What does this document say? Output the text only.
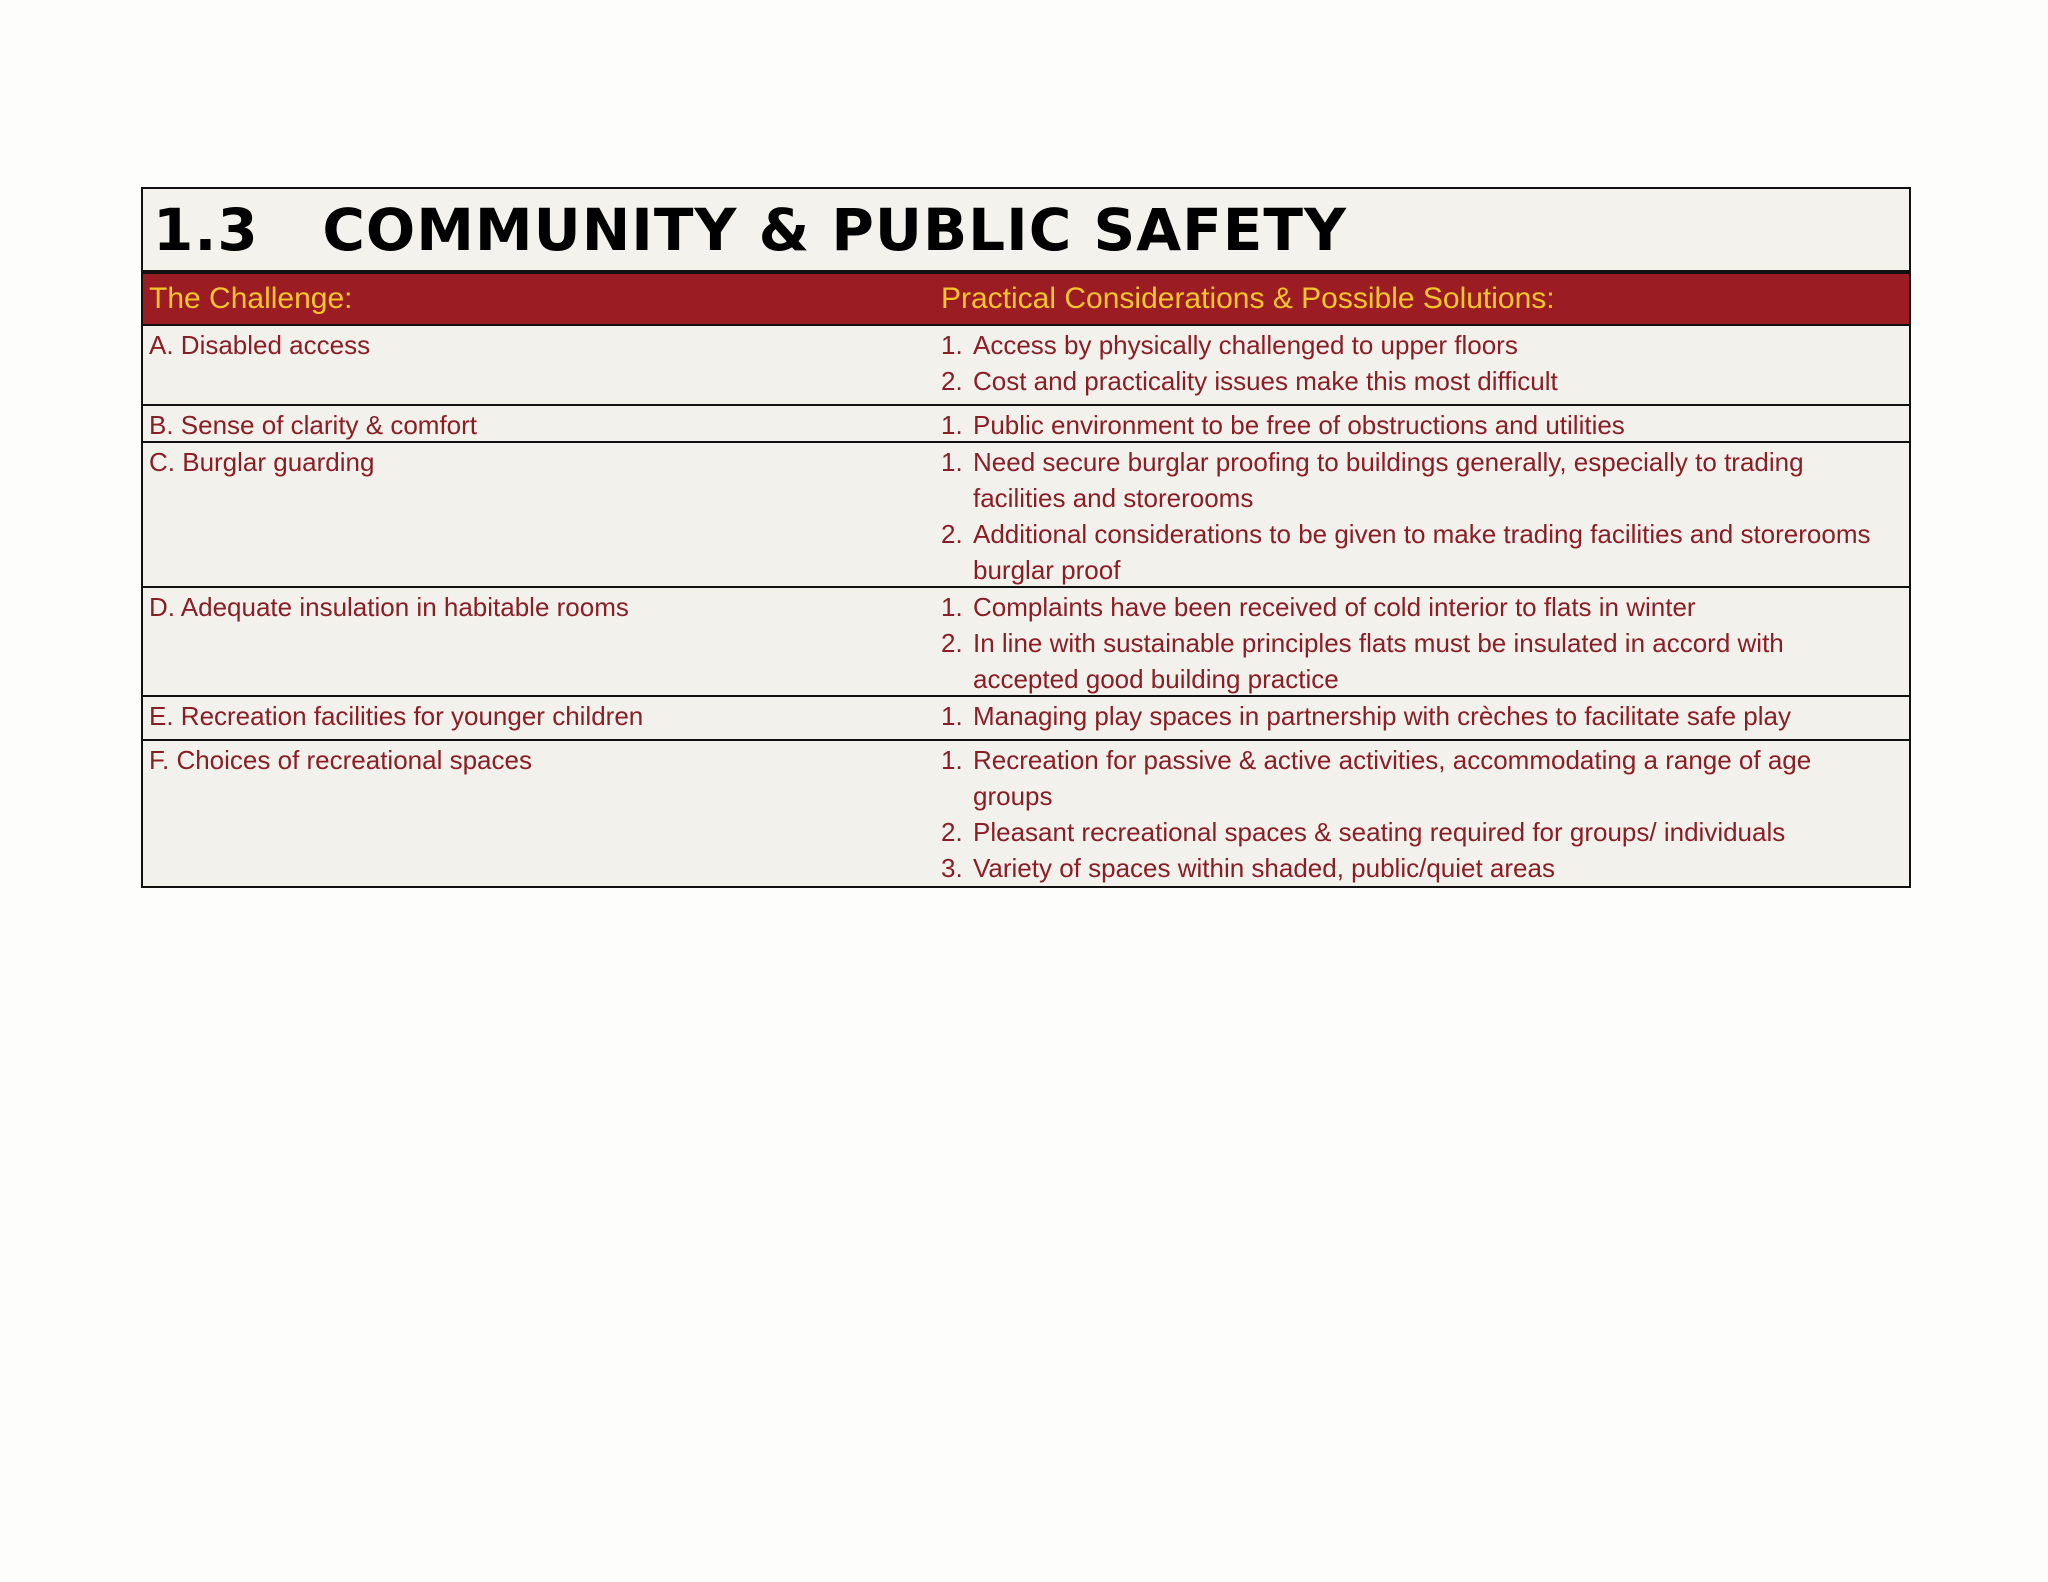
1.3   COMMUNITY & PUBLIC SAFETY
The Challenge:	Practical Considerations & Possible Solutions:
A. Disabled access	1. Access by physically challenged to upper floors
2. Cost and practicality issues make this most difficult
B. Sense of clarity & comfort	1. Public environment to be free of obstructions and utilities
C. Burglar guarding	1. Need secure burglar proofing to buildings generally, especially to trading facilities and storerooms
2. Additional considerations to be given to make trading facilities and storerooms burglar proof
D. Adequate insulation in habitable rooms	1. Complaints have been received of cold interior to flats in winter
2. In line with sustainable principles flats must be insulated in accord with accepted good building practice
E. Recreation facilities for younger children	1. Managing play spaces in partnership with crèches to facilitate safe play
F. Choices of recreational spaces	1. Recreation for passive & active activities, accommodating a range of age groups
2. Pleasant recreational spaces & seating required for groups/ individuals
3. Variety of spaces within shaded, public/quiet areas
